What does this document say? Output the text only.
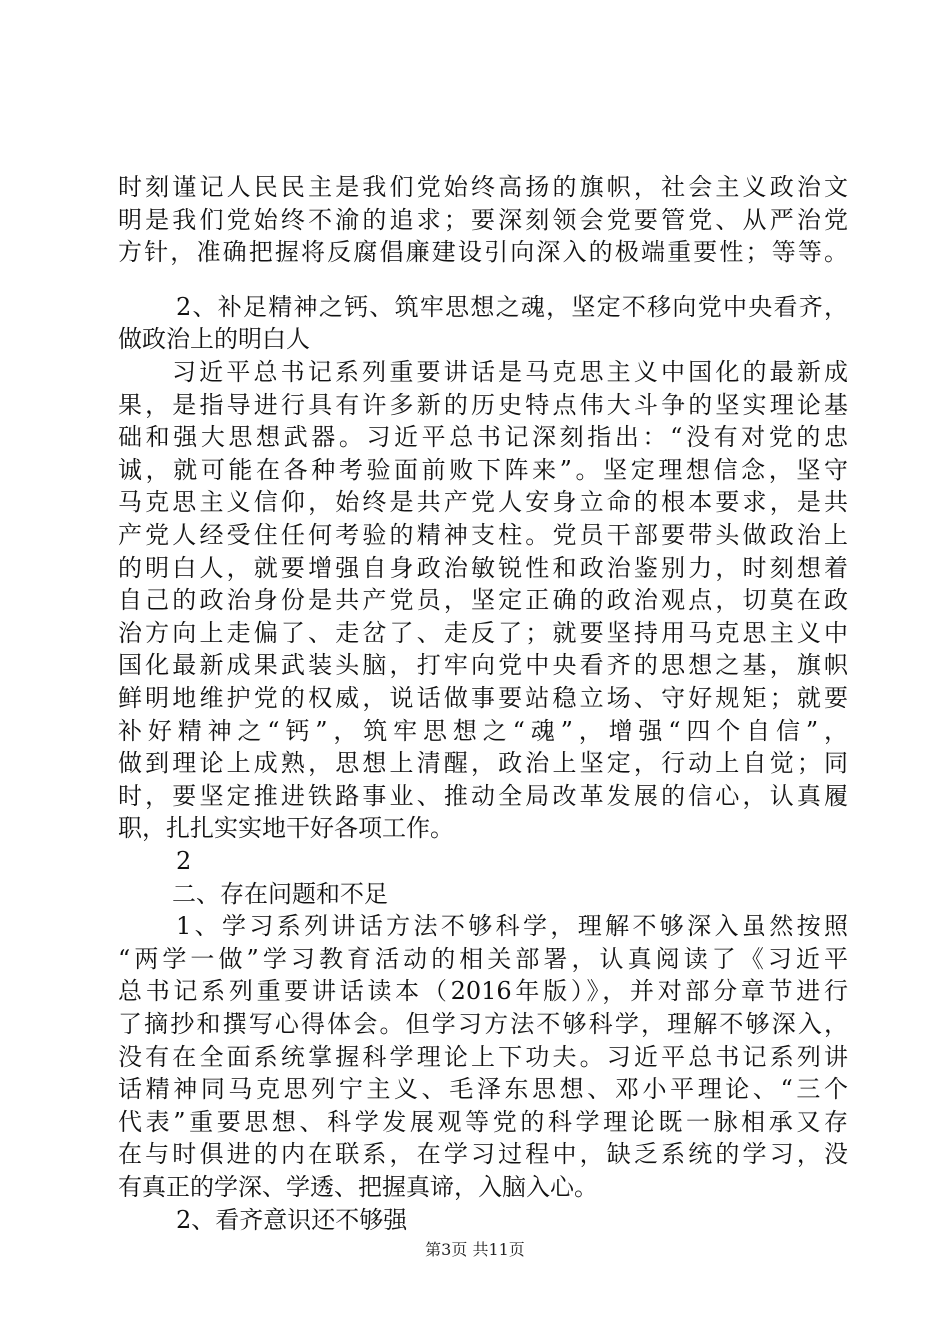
时刻谨记人民民主是我们党始终高扬的旗帜，社会主义政治文
明是我们党始终不渝的追求；要深刻领会党要管党、从严治党
方针，准确把握将反腐倡廉建设引向深入的极端重要性；等等。
2、补足精神之钙、筑牢思想之魂，坚定不移向党中央看齐，
做政治上的明白人
习近平总书记系列重要讲话是马克思主义中国化的最新成
果，是指导进行具有许多新的历史特点伟大斗争的坚实理论基
础和强大思想武器。习近平总书记深刻指出：“没有对党的忠
诚，就可能在各种考验面前败下阵来”。坚定理想信念，坚守
马克思主义信仰，始终是共产党人安身立命的根本要求，是共
产党人经受住任何考验的精神支柱。党员干部要带头做政治上
的明白人，就要增强自身政治敏锐性和政治鉴别力，时刻想着
自己的政治身份是共产党员，坚定正确的政治观点，切莫在政
治方向上走偏了、走岔了、走反了；就要坚持用马克思主义中
国化最新成果武装头脑，打牢向党中央看齐的思想之基，旗帜
鲜明地维护党的权威，说话做事要站稳立场、守好规矩；就要
补好精神之“钙”，筑牢思想之“魂”，增强“四个自信”，
做到理论上成熟，思想上清醒，政治上坚定，行动上自觉；同
时，要坚定推进铁路事业、推动全局改革发展的信心，认真履
职，扎扎实实地干好各项工作。
2
二、存在问题和不足
1、学习系列讲话方法不够科学，理解不够深入虽然按照
“两学一做”学习教育活动的相关部署，认真阅读了《习近平
总书记系列重要讲话读本（2016年版）》，并对部分章节进行
了摘抄和撰写心得体会。但学习方法不够科学，理解不够深入，
没有在全面系统掌握科学理论上下功夫。习近平总书记系列讲
话精神同马克思列宁主义、毛泽东思想、邓小平理论、“三个
代表”重要思想、科学发展观等党的科学理论既一脉相承又存
在与时俱进的内在联系，在学习过程中，缺乏系统的学习，没
有真正的学深、学透、把握真谛，入脑入心。
2、看齐意识还不够强
第3页 共11页
